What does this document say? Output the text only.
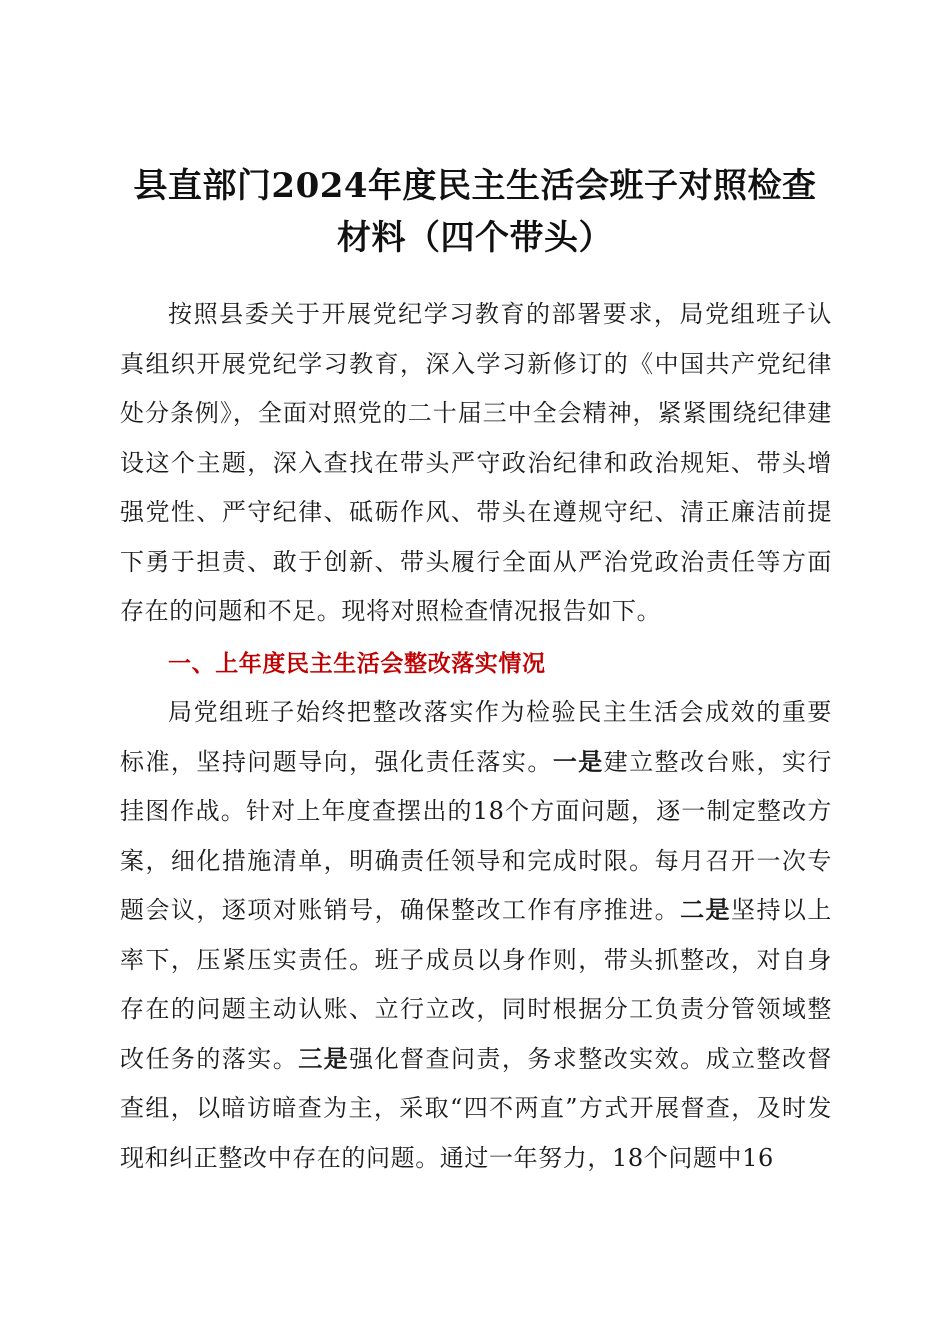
县直部门2024年度民主生活会班子对照检查材料（四个带头）

按照县委关于开展党纪学习教育的部署要求，局党组班子认真组织开展党纪学习教育，深入学习新修订的《中国共产党纪律处分条例》，全面对照党的二十届三中全会精神，紧紧围绕纪律建设这个主题，深入查找在带头严守政治纪律和政治规矩、带头增强党性、严守纪律、砥砺作风、带头在遵规守纪、清正廉洁前提下勇于担责、敢于创新、带头履行全面从严治党政治责任等方面存在的问题和不足。现将对照检查情况报告如下。

一、上年度民主生活会整改落实情况

局党组班子始终把整改落实作为检验民主生活会成效的重要标准，坚持问题导向，强化责任落实。一是建立整改台账，实行挂图作战。针对上年度查摆出的18个方面问题，逐一制定整改方案，细化措施清单，明确责任领导和完成时限。每月召开一次专题会议，逐项对账销号，确保整改工作有序推进。二是坚持以上率下，压紧压实责任。班子成员以身作则，带头抓整改，对自身存在的问题主动认账、立行立改，同时根据分工负责分管领域整改任务的落实。三是强化督查问责，务求整改实效。成立整改督查组，以暗访暗查为主，采取“四不两直”方式开展督查，及时发现和纠正整改中存在的问题。通过一年努力，18个问题中16
